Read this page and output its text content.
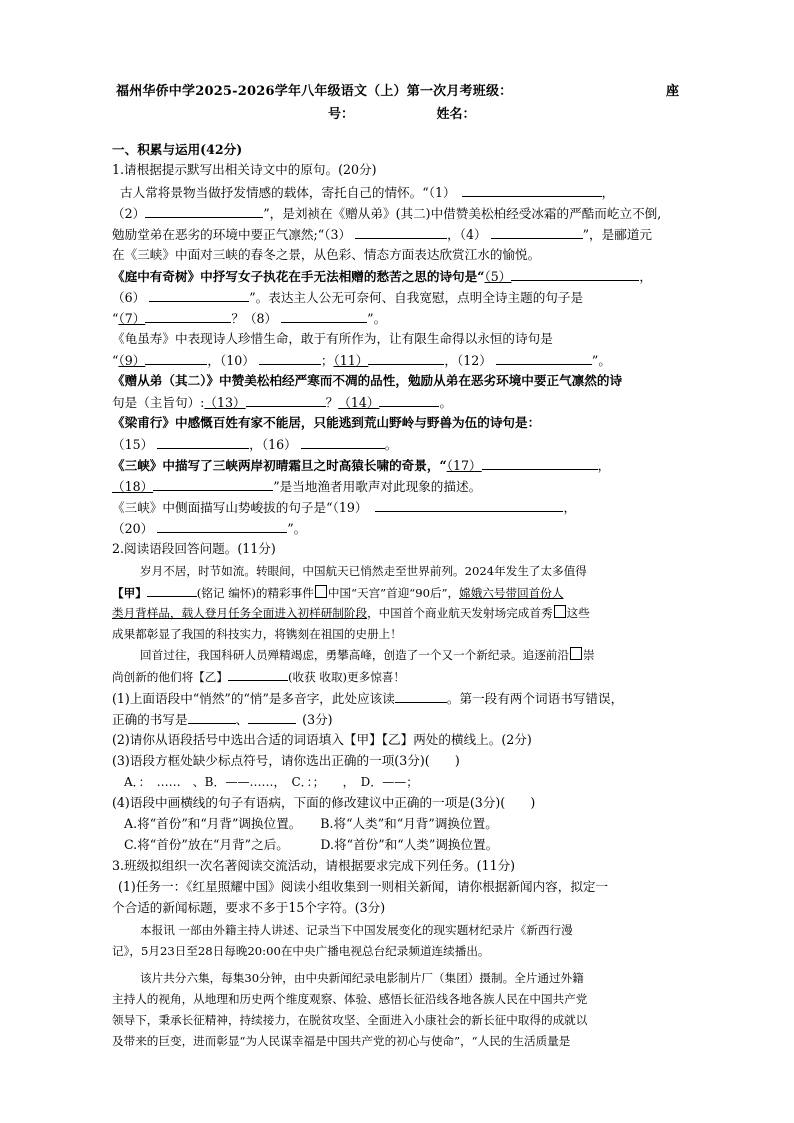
福州华侨中学2025-2026学年八年级语文（上）第一次月考班级：	座
号：	姓名：
一、积累与运用(42分)
1.请根据提示默写出相关诗文中的原句。(20分)
古人常将景物当做抒发情感的载体，寄托自己的情怀。“（1）	，
（2）	”，是刘祯在《赠从弟》(其二)中借赞美松柏经受冰霜的严酷而屹立不倒,
勉励堂弟在恶劣的环境中要正气凛然;“（3）	，（4）	”，是郦道元
在《三峡》中面对三峡的春冬之景，从色彩、情态方面表达欣赏江水的愉悦。
《庭中有奇树》中抒写女子执花在手无法相赠的愁苦之思的诗句是“（5）	，
（6）	”。表达主人公无可奈何、自我宽慰，点明全诗主题的句子是
“（7）	？（8）	”。
《龟虽寿》中表现诗人珍惜生命，敢于有所作为，让有限生命得以永恒的诗句是
“（9）	，（10）	；（11）	，（12）	”。
《赠从弟（其二）》中赞美松柏经严寒而不凋的品性，勉励从弟在恶劣环境中要正气凛然的诗
句是（主旨句）:（13）	？（14）	。
《梁甫行》中感慨百姓有家不能居，只能逃到荒山野岭与野兽为伍的诗句是：
（15）	，（16）	。
《三峡》中描写了三峡两岸初晴霜旦之时高猿长啸的奇景，“（17）	，
（18）	”是当地渔者用歌声对此现象的描述。
《三峡》中侧面描写山势峻拔的句子是“（19）	，
（20）	”。
2.阅读语段回答问题。(11分)
岁月不居，时节如流。转眼间，中国航天已悄然走至世界前列。2024年发生了太多值得
【甲】	(铭记 编怀)的精彩事件 中国“天宫”首迎“90后”，嫦娥六号带回首份人
类月背样品，载人登月任务全面进入初样研制阶段，中国首个商业航天发射场完成首秀 这些
成果都彰显了我国的科技实力，将镌刻在祖国的史册上！
回首过往，我国科研人员殚精竭虑，勇攀高峰，创造了一个又一个新纪录。追逐前沿 崇
尚创新的他们将【乙】	(收获 收取)更多惊喜！
(1)上面语段中“悄然”的“悄”是多音字，此处应该读	。第一段有两个词语书写错误，
正确的书写是	、	(3分)
(2)请你从语段括号中选出合适的词语填入【甲】【乙】两处的横线上。(2分)
(3)语段方框处缺少标点符号，请你选出正确的一项(3分)(　　)
A．：　……　、B．——……，　C．：；　　，　D．——；
(4)语段中画横线的句子有语病，下面的修改建议中正确的一项是(3分)(　　)
A.将“首份”和“月背”调换位置。　　B.将“人类”和“月背”调换位置。
C.将“首份”放在“月背”之后。　　　D.将“首份”和“人类”调换位置。
3.班级拟组织一次名著阅读交流活动，请根据要求完成下列任务。(11分)
(1)任务一：《红星照耀中国》阅读小组收集到一则相关新闻，请你根据新闻内容，拟定一
个合适的新闻标题，要求不多于15个字符。(3分)
本报讯 一部由外籍主持人讲述、记录当下中国发展变化的现实题材纪录片《新西行漫
记》，5月23日至28日每晚20:00在中央广播电视总台纪录频道连续播出。
该片共分六集，每集30分钟，由中央新闻纪录电影制片厂（集团）摄制。全片通过外籍
主持人的视角，从地理和历史两个维度观察、体验、感悟长征沿线各地各族人民在中国共产党
领导下，秉承长征精神，持续接力，在脱贫攻坚、全面进入小康社会的新长征中取得的成就以
及带来的巨变，进而彰显“为人民谋幸福是中国共产党的初心与使命”，“人民的生活质量是
